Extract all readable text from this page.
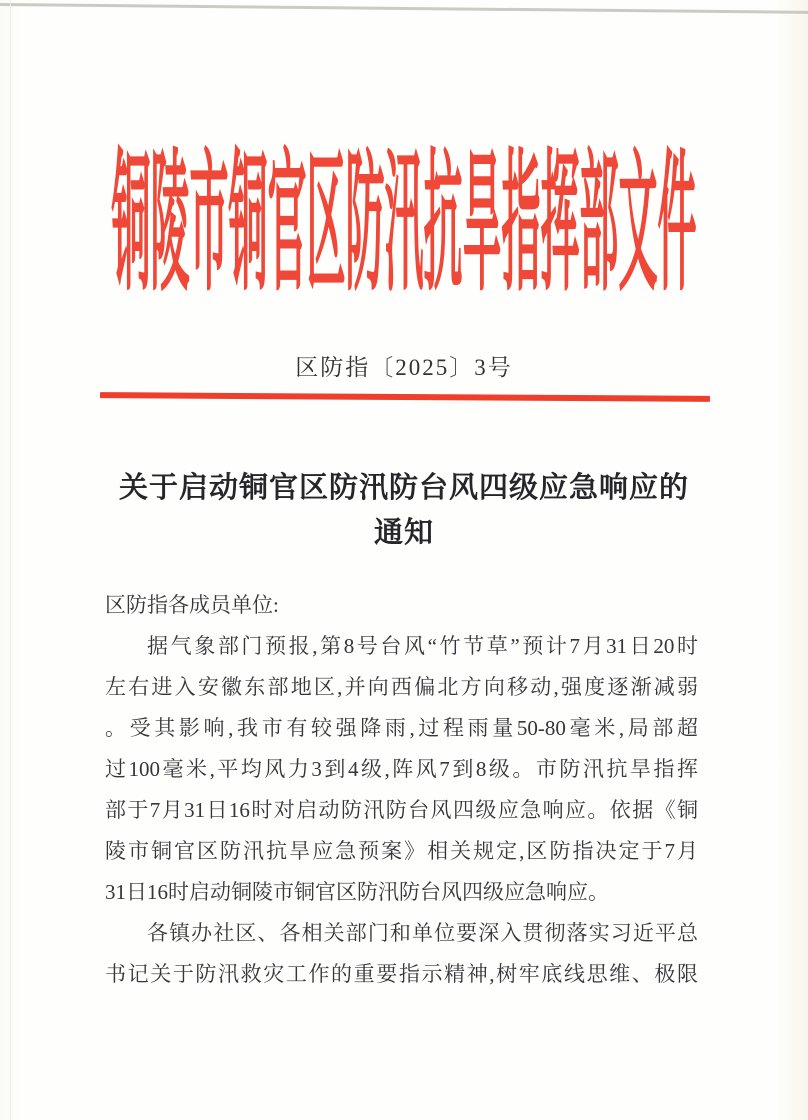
铜陵市铜官区防汛抗旱指挥部文件
区防指〔2025〕3号
关于启动铜官区防汛防台风四级应急响应的
通知
区防指各成员单位:
据气象部门预报,第8号台风“竹节草”预计7月31日20时
左右进入安徽东部地区,并向西偏北方向移动,强度逐渐减弱
。受其影响,我市有较强降雨,过程雨量50-80毫米,局部超
过100毫米,平均风力3到4级,阵风7到8级。市防汛抗旱指挥
部于7月31日16时对启动防汛防台风四级应急响应。依据《铜
陵市铜官区防汛抗旱应急预案》相关规定,区防指决定于7月
31日16时启动铜陵市铜官区防汛防台风四级应急响应。
各镇办社区、各相关部门和单位要深入贯彻落实习近平总
书记关于防汛救灾工作的重要指示精神,树牢底线思维、极限
